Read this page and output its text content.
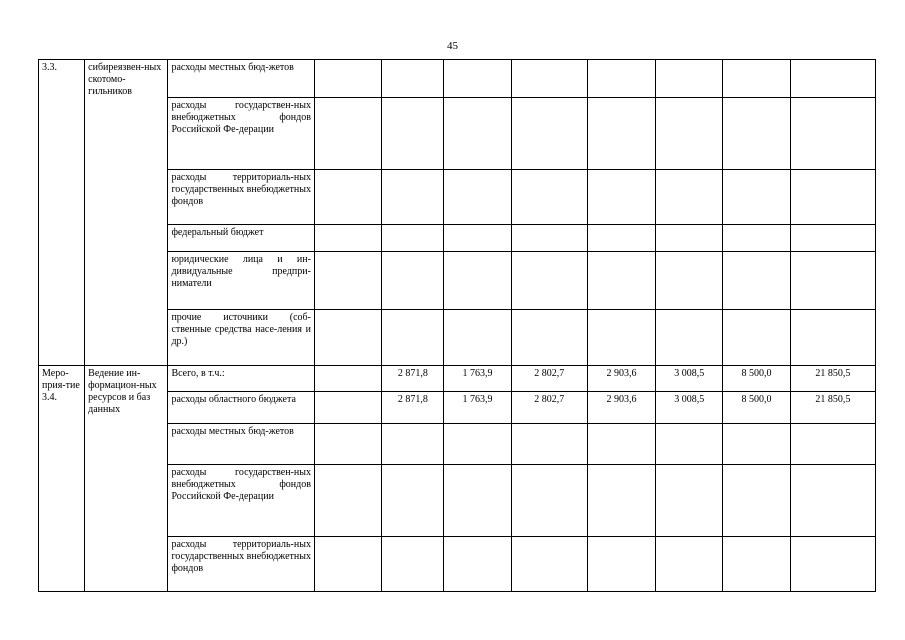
45
3.3.	сибиреязвен-ных скотомо-гильников	расходы местных бюд-жетов								
		расходы государствен-ных внебюджетных фондов Российской Фе-дерации								
		расходы территориаль-ных государственных внебюджетных фондов								
		федеральный бюджет								
		юридические лица и ин-дивидуальные предпри-ниматели								
		прочие источники (соб-ственные средства насе-ления и др.)								
Меро-прия-тие 3.4.	Ведение ин-формацион-ных ресурсов и баз данных	Всего, в т.ч.:		2 871,8	1 763,9	2 802,7	2 903,6	3 008,5	8 500,0	21 850,5
		расходы областного бюджета		2 871,8	1 763,9	2 802,7	2 903,6	3 008,5	8 500,0	21 850,5
		расходы местных бюд-жетов								
		расходы государствен-ных внебюджетных фондов Российской Фе-дерации								
		расходы территориаль-ных государственных внебюджетных фондов								
